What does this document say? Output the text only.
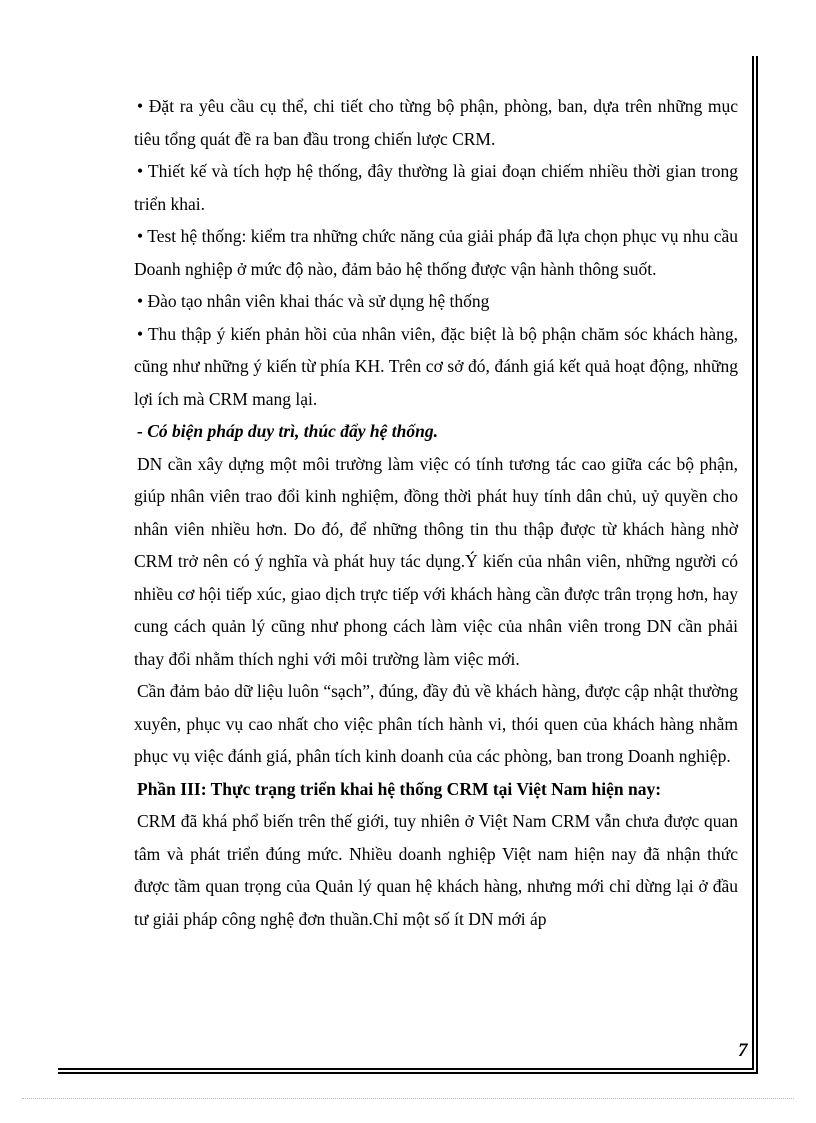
• Đặt ra yêu cầu cụ thể, chi tiết cho từng bộ phận, phòng, ban, dựa trên những mục tiêu tổng quát đề ra ban đầu trong chiến lược CRM.

• Thiết kế và tích hợp hệ thống, đây thường là giai đoạn chiếm nhiều thời gian trong triển khai.

• Test hệ thống: kiểm tra những chức năng của giải pháp đã lựa chọn phục vụ nhu cầu Doanh nghiệp ở mức độ nào, đảm bảo hệ thống được vận hành thông suốt.

• Đào tạo nhân viên khai thác và sử dụng hệ thống

• Thu thập ý kiến phản hồi của nhân viên, đặc biệt là bộ phận chăm sóc khách hàng, cũng như những ý kiến từ phía KH. Trên cơ sở đó, đánh giá kết quả hoạt động, những lợi ích mà CRM mang lại.

- Có biện pháp duy trì, thúc đẩy hệ thống.

DN cần xây dựng một môi trường làm việc có tính tương tác cao giữa các bộ phận, giúp nhân viên trao đổi kinh nghiệm, đồng thời phát huy tính dân chủ, uỷ quyền cho nhân viên nhiều hơn. Do đó, để những thông tin thu thập được từ khách hàng nhờ CRM trở nên có ý nghĩa và phát huy tác dụng.Ý kiến của nhân viên, những người có nhiều cơ hội tiếp xúc, giao dịch trực tiếp với khách hàng cần được trân trọng hơn, hay cung cách quản lý cũng như phong cách làm việc của nhân viên trong DN cần phải thay đổi nhằm thích nghi với môi trường làm việc mới.

Cần đảm bảo dữ liệu luôn “sạch”, đúng, đầy đủ về khách hàng, được cập nhật thường xuyên, phục vụ cao nhất cho việc phân tích hành vi, thói quen của khách hàng nhằm phục vụ việc đánh giá, phân tích kinh doanh của các phòng, ban trong Doanh nghiệp.

Phần III: Thực trạng triển khai hệ thống CRM tại Việt Nam hiện nay:

CRM đã khá phổ biến trên thế giới, tuy nhiên ở Việt Nam CRM vẫn chưa được quan tâm và phát triển đúng mức. Nhiều doanh nghiệp Việt nam hiện nay đã nhận thức được tầm quan trọng của Quản lý quan hệ khách hàng, nhưng mới chỉ dừng lại ở đầu tư giải pháp công nghệ đơn thuần.Chỉ một số ít DN mới áp

7
